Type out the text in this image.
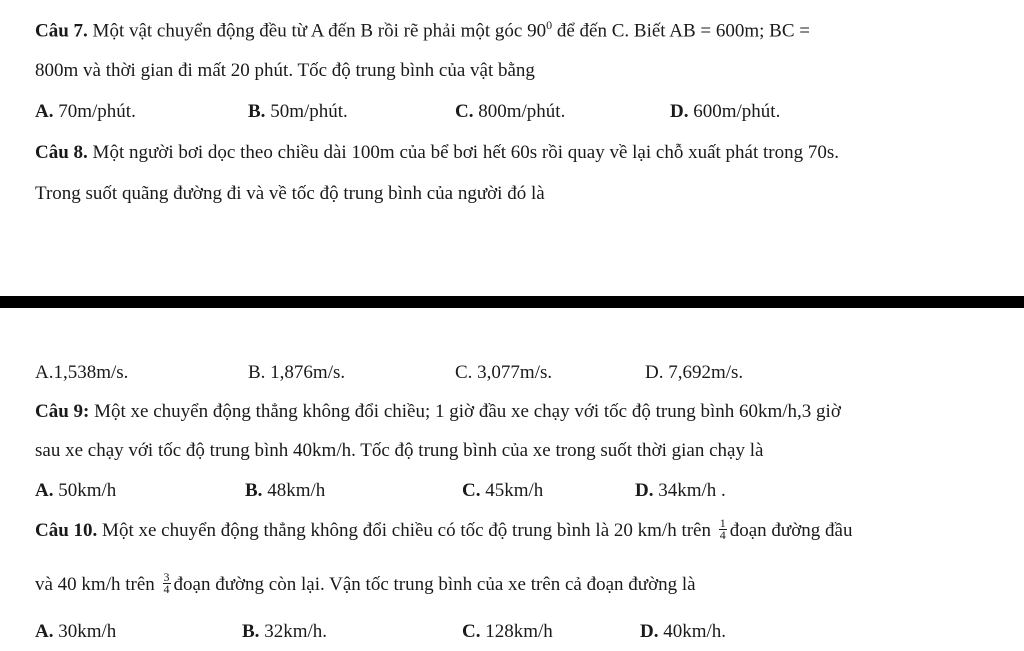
Câu 7. Một vật chuyển động đều từ A đến B rồi rẽ phải một góc $90^0$ để đến C. Biết AB = 600m; BC =
800m và thời gian đi mất 20 phút. Tốc độ trung bình của vật bằng
A. 70m/phút.	B. 50m/phút.	C. 800m/phút.	D. 600m/phút.
Câu 8. Một người bơi dọc theo chiều dài 100m của bể bơi hết 60s rồi quay về lại chỗ xuất phát trong 70s.
Trong suốt quãng đường đi và về tốc độ trung bình của người đó là
A.1,538m/s.	B. 1,876m/s.	C. 3,077m/s.	D. 7,692m/s.
Câu 9: Một xe chuyển động thẳng không đổi chiều; 1 giờ đầu xe chạy với tốc độ trung bình 60km/h,3 giờ
sau xe chạy với tốc độ trung bình 40km/h. Tốc độ trung bình của xe trong suốt thời gian chạy là
A. 50km/h	B. 48km/h	C. 45km/h	D. 34km/h .
Câu 10. Một xe chuyển động thẳng không đổi chiều có tốc độ trung bình là 20 km/h trên $\frac{1}{4}$ đoạn đường đầu
và 40 km/h trên $\frac{3}{4}$ đoạn đường còn lại. Vận tốc trung bình của xe trên cả đoạn đường là
A. 30km/h	B. 32km/h.	C. 128km/h	D. 40km/h.
